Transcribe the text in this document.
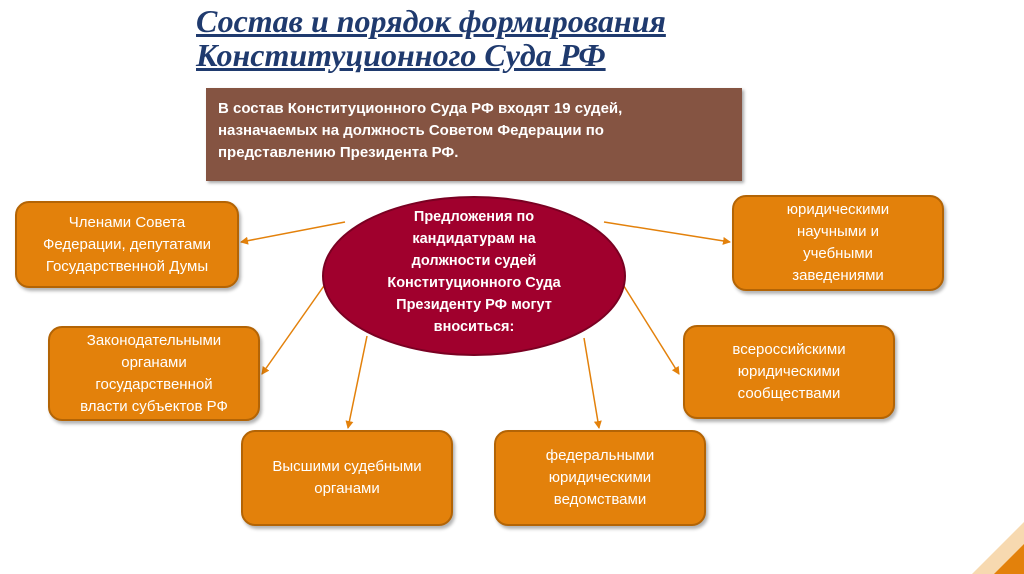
Состав и порядок формирования
Конституционного Суда РФ
В состав Конституционного Суда РФ входят 19 судей,
назначаемых на должность Советом Федерации по
представлению Президента РФ.
Предложения по
кандидатурам на
должности судей
Конституционного Суда
Президенту РФ могут
вноситься:
Членами Совета
Федерации, депутатами
Государственной Думы
Законодательными
органами
государственной
власти субъектов РФ
Высшими судебными
органами
федеральными
юридическими
ведомствами
всероссийскими
юридическими
сообществами
юридическими
научными и
учебными
заведениями
